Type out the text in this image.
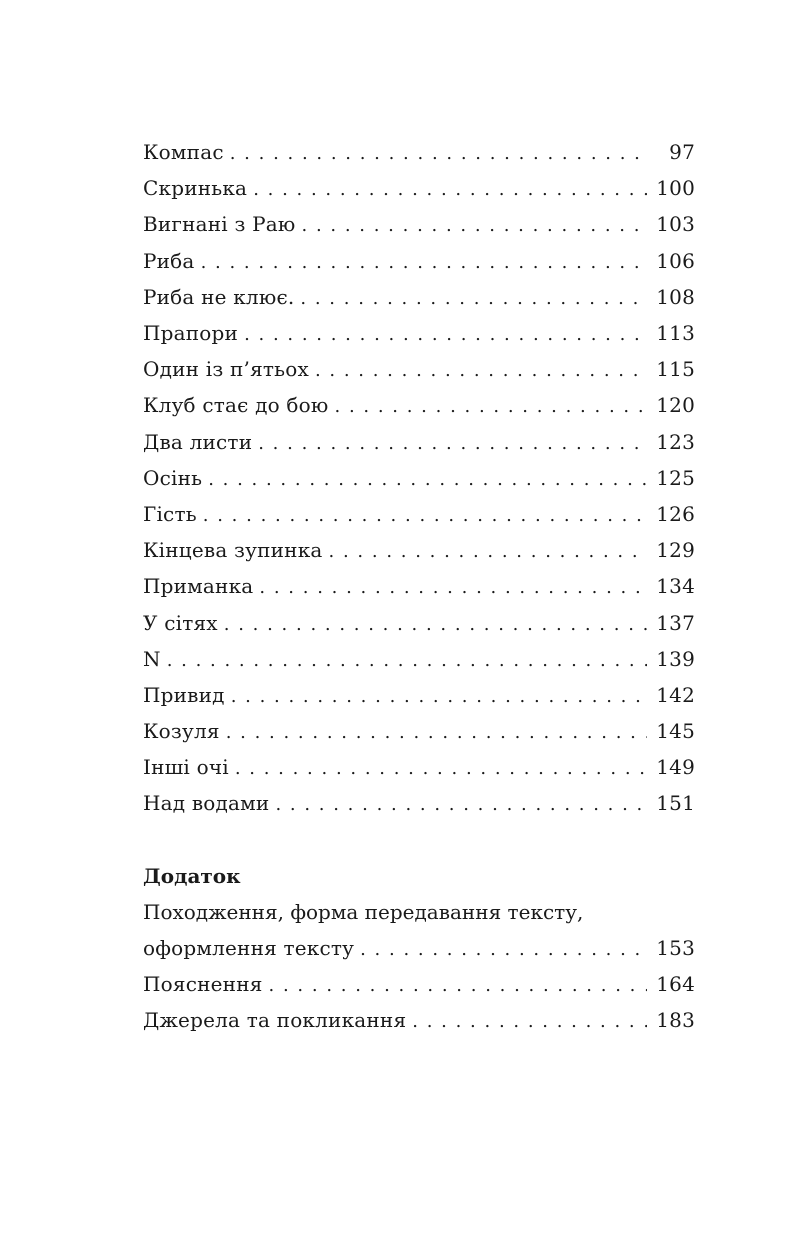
Компас . . .	97
Скринька . . .	100
Вигнані з Раю . . .	103
Риба . . .	106
Риба не клює. . . .	108
Прапори . . .	113
Один із п’ятьох . . .	115
Клуб стає до бою . . .	120
Два листи . . .	123
Осінь . . .	125
Гість . . .	126
Кінцева зупинка . . .	129
Приманка . . .	134
У сітях . . .	137
N . . .	139
Привид . . .	142
Козуля . . .	145
Інші очі . . .	149
Над водами . . .	151
Додаток
Походження, форма передавання тексту,
оформлення тексту . . .	153
Пояснення . . .	164
Джерела та покликання . . .	183
